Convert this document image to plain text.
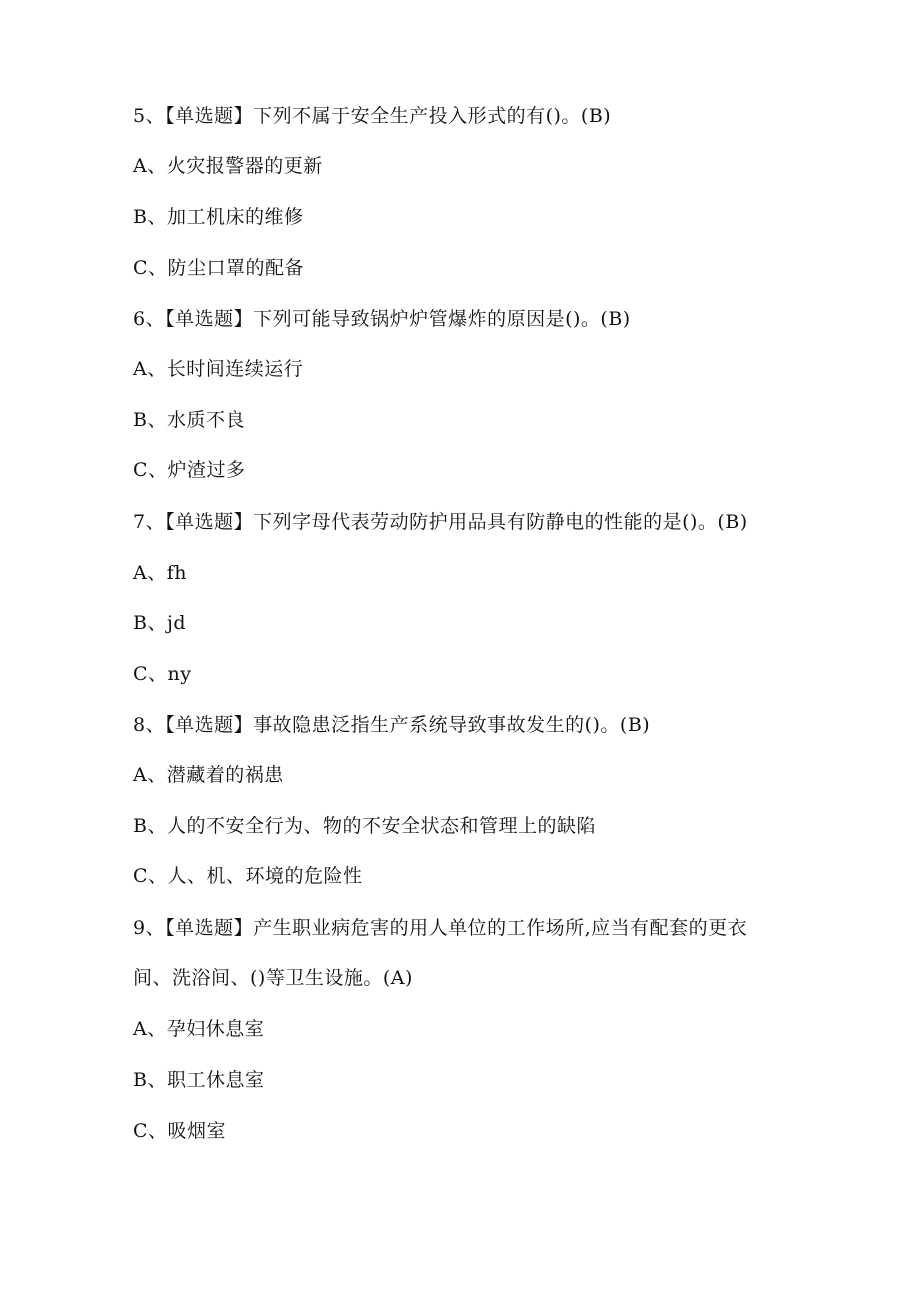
5、【单选题】下列不属于安全生产投入形式的有()。(B)
A、火灾报警器的更新
B、加工机床的维修
C、防尘口罩的配备
6、【单选题】下列可能导致锅炉炉管爆炸的原因是()。(B)
A、长时间连续运行
B、水质不良
C、炉渣过多
7、【单选题】下列字母代表劳动防护用品具有防静电的性能的是()。(B)
A、fh
B、jd
C、ny
8、【单选题】事故隐患泛指生产系统导致事故发生的()。(B)
A、潜藏着的祸患
B、人的不安全行为、物的不安全状态和管理上的缺陷
C、人、机、环境的危险性
9、【单选题】产生职业病危害的用人单位的工作场所,应当有配套的更衣
间、洗浴间、()等卫生设施。(A)
A、孕妇休息室
B、职工休息室
C、吸烟室
